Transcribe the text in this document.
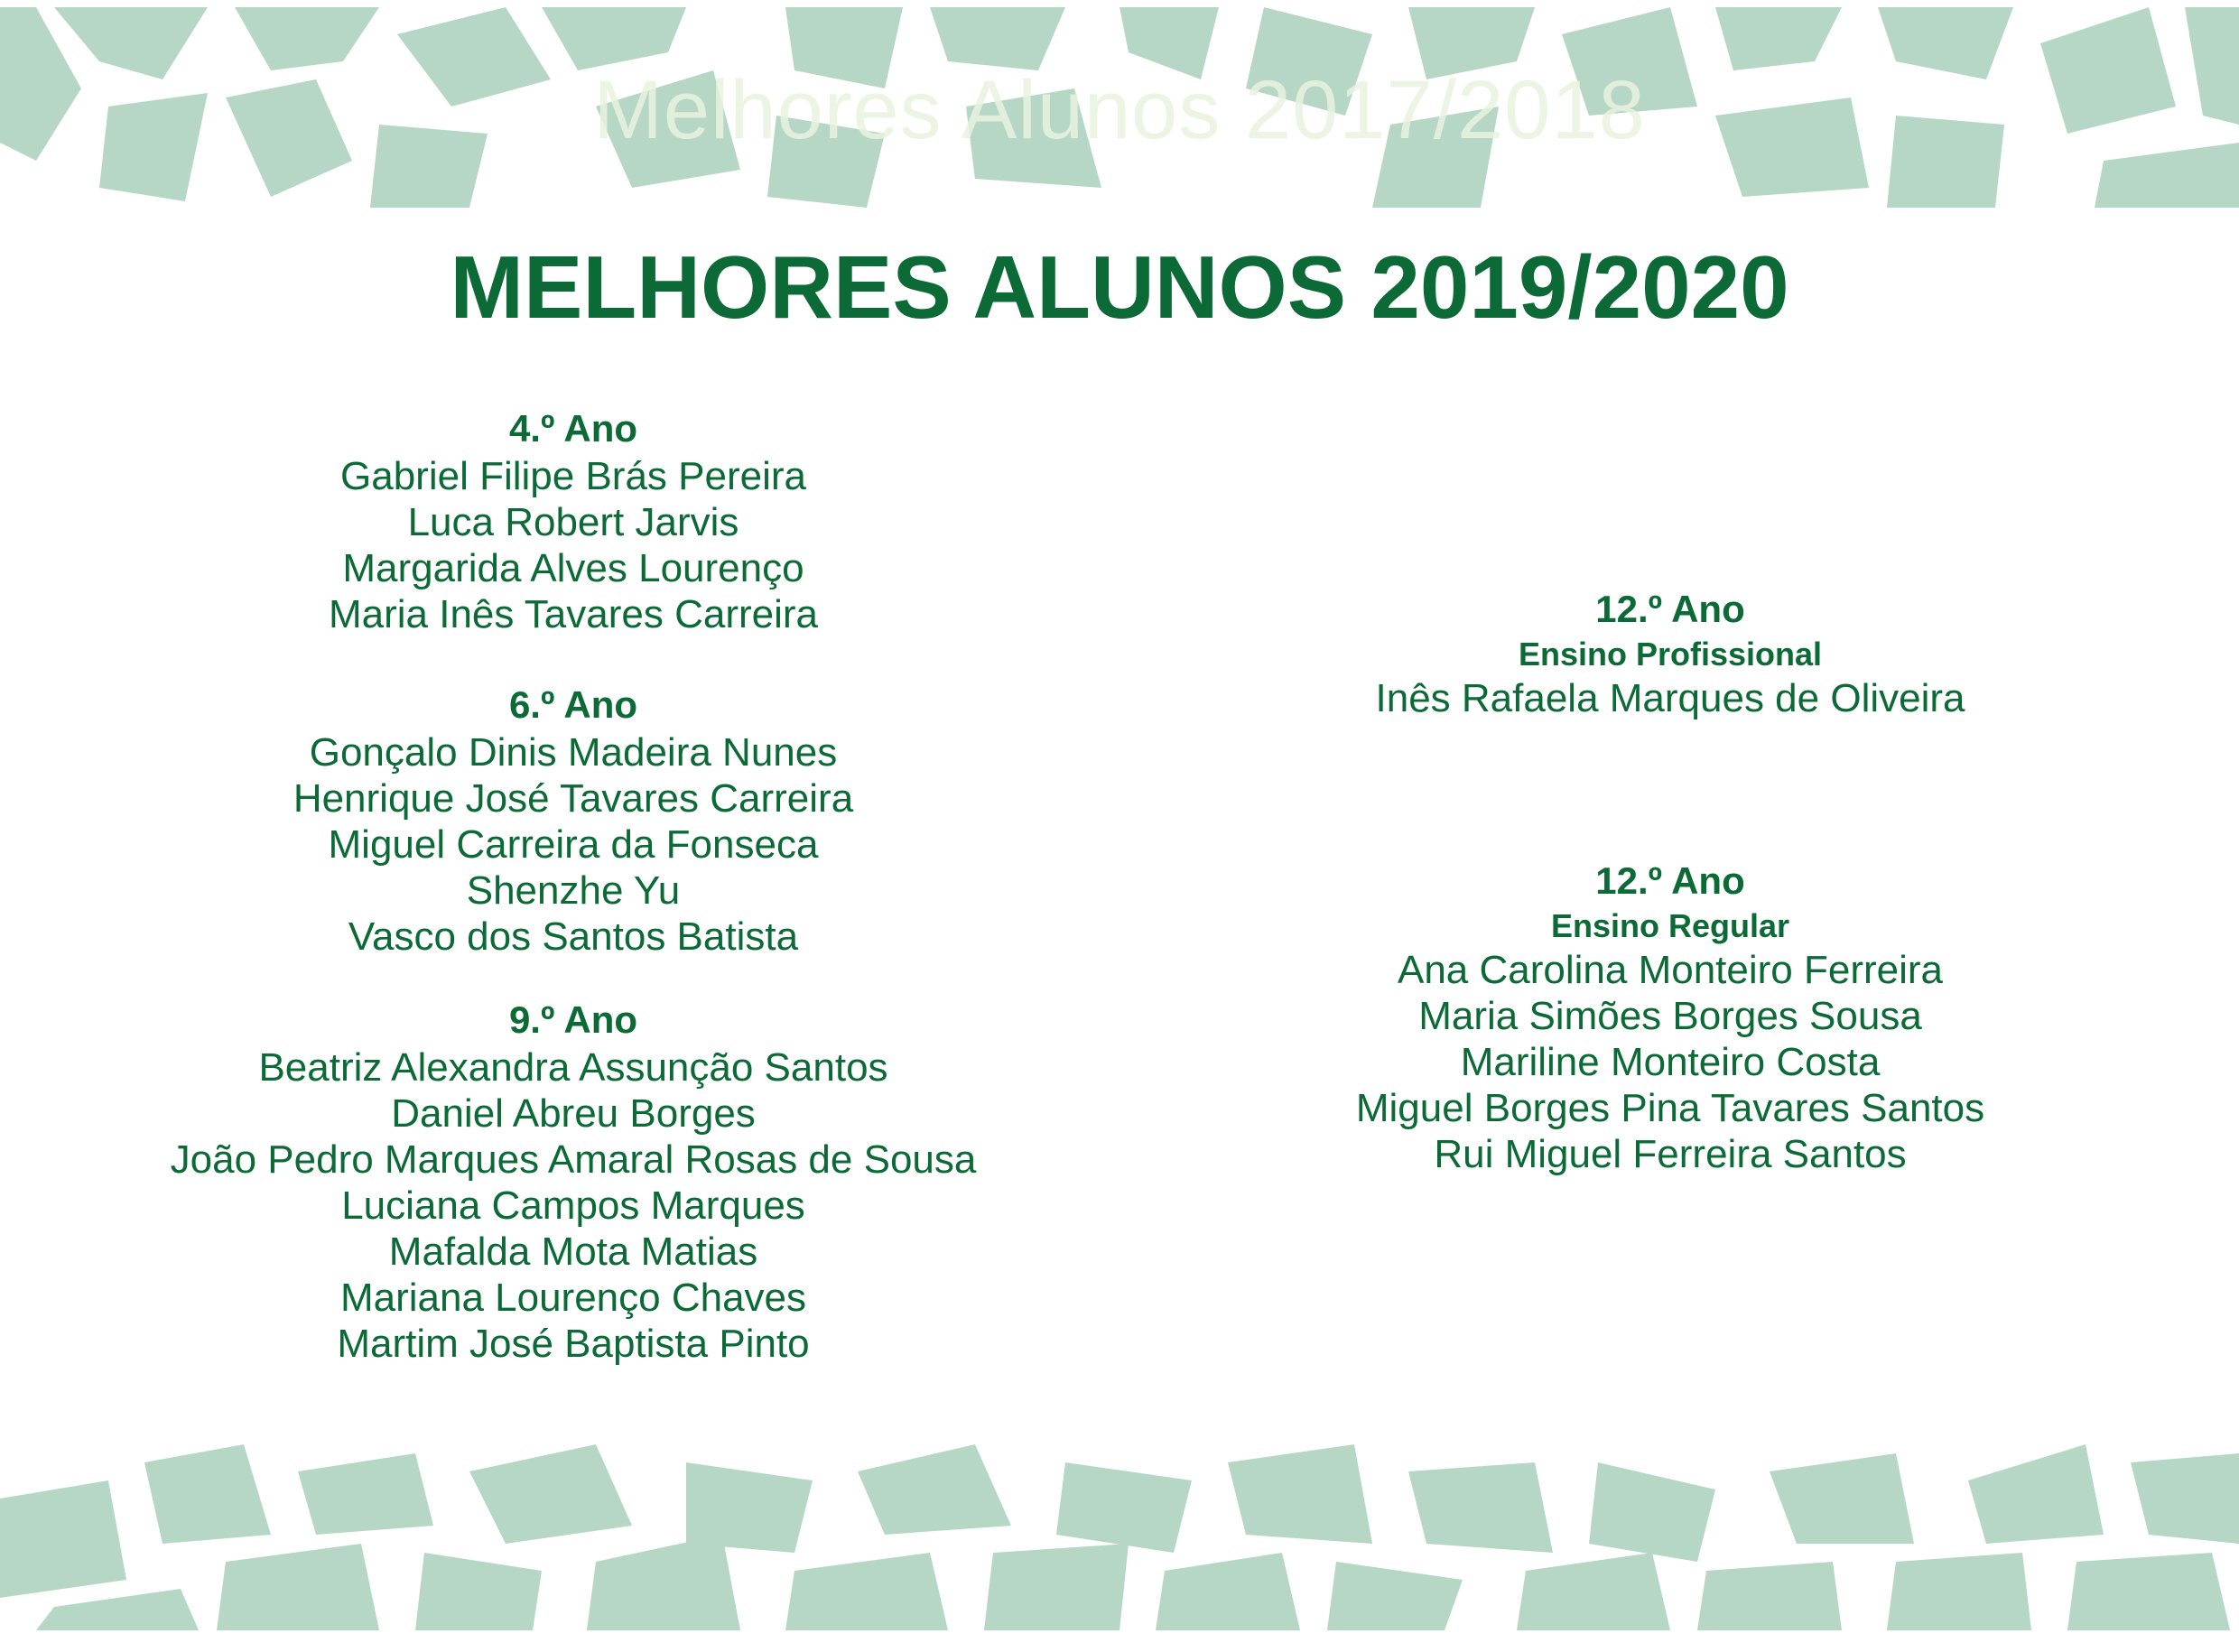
Melhores Alunos 2017/2018
MELHORES ALUNOS 2019/2020
4.º Ano
Gabriel Filipe Brás Pereira
Luca Robert Jarvis
Margarida Alves Lourenço
Maria Inês Tavares Carreira
6.º Ano
Gonçalo Dinis Madeira Nunes
Henrique José Tavares Carreira
Miguel Carreira da Fonseca
Shenzhe Yu
Vasco dos Santos Batista
9.º Ano
Beatriz Alexandra Assunção Santos
Daniel Abreu Borges
João Pedro Marques Amaral Rosas de Sousa
Luciana Campos Marques
Mafalda Mota Matias
Mariana Lourenço Chaves
Martim José Baptista Pinto
12.º Ano
Ensino Profissional
Inês Rafaela Marques de Oliveira
12.º Ano
Ensino Regular
Ana Carolina Monteiro Ferreira
Maria Simões Borges Sousa
Mariline Monteiro Costa
Miguel Borges Pina Tavares Santos
Rui Miguel Ferreira Santos
